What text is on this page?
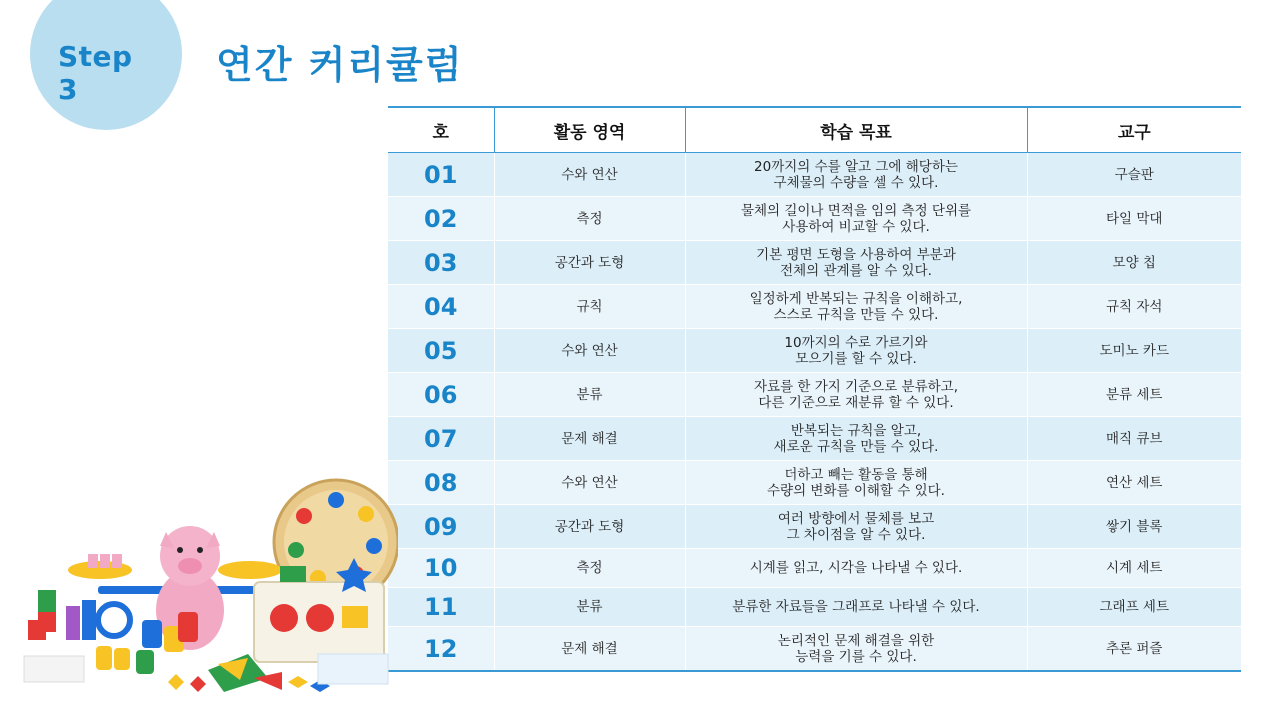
Step 3
연간 커리큘럼
호	활동 영역	학습 목표	교구
01	수와 연산	20까지의 수를 알고 그에 해당하는
구체물의 수량을 셀 수 있다.	구슬판
02	측정	물체의 길이나 면적을 임의 측정 단위를
사용하여 비교할 수 있다.	타일 막대
03	공간과 도형	기본 평면 도형을 사용하여 부분과
전체의 관계를 알 수 있다.	모양 칩
04	규칙	일정하게 반복되는 규칙을 이해하고,
스스로 규칙을 만들 수 있다.	규칙 자석
05	수와 연산	10까지의 수로 가르기와
모으기를 할 수 있다.	도미노 카드
06	분류	자료를 한 가지 기준으로 분류하고,
다른 기준으로 재분류 할 수 있다.	분류 세트
07	문제 해결	반복되는 규칙을 알고,
새로운 규칙을 만들 수 있다.	매직 큐브
08	수와 연산	더하고 빼는 활동을 통해
수량의 변화를 이해할 수 있다.	연산 세트
09	공간과 도형	여러 방향에서 물체를 보고
그 차이점을 알 수 있다.	쌓기 블록
10	측정	시계를 읽고, 시각을 나타낼 수 있다.	시계 세트
11	분류	분류한 자료들을 그래프로 나타낼 수 있다.	그래프 세트
12	문제 해결	논리적인 문제 해결을 위한
능력을 기를 수 있다.	추론 퍼즐
